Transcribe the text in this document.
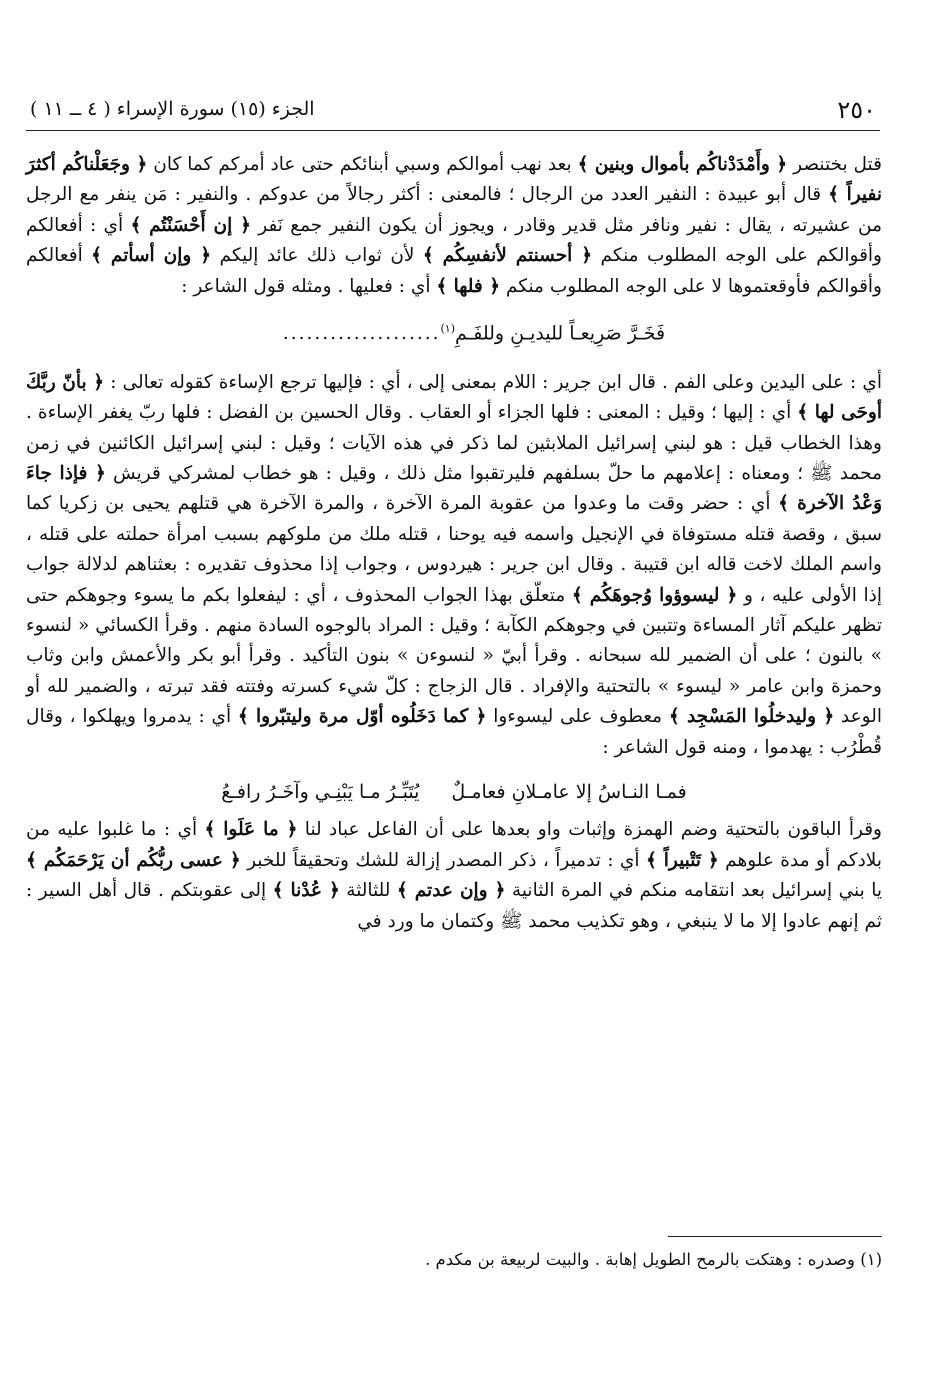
٢٥٠
الجزء (١٥) سورة الإسراء ( ٤ ــ ١١ )

قتل بختنصر ﴿ وأَمْدَدْناكُم بأموال وبنين ﴾ بعد نهب أموالكم وسبي أبنائكم حتى عاد أمركم كما كان ﴿ وجَعَلْناكُم أكثرَ نفيراً ﴾ قال أبو عبيدة : النفير العدد من الرجال ؛ فالمعنى : أكثر رجالاً من عدوكم . والنفير : مَن ينفر مع الرجل من عشيرته ، يقال : نفير ونافر مثل قدير وقادر ، ويجوز أن يكون النفير جمع نَفر ﴿ إن أَحْسَنْتُم ﴾ أي : أفعالكم وأقوالكم على الوجه المطلوب منكم ﴿ أحسنتم لأنفسِكُم ﴾ لأن ثواب ذلك عائد إليكم ﴿ وإن أسأتم ﴾ أفعالكم وأقوالكم فأوقعتموها لا على الوجه المطلوب منكم ﴿ فلها ﴾ أي : فعليها . ومثله قول الشاعر :

فَخَـرَّ صَرِيعـاً لليديـنِ وللفَـمِ$^{(١)}$....................

أي : على اليدين وعلى الفم . قال ابن جرير : اللام بمعنى إلى ، أي : فإليها ترجع الإساءة كقوله تعالى : ﴿ بأنّ ربَّكَ أوحَى لها ﴾ أي : إليها ؛ وقيل : المعنى : فلها الجزاء أو العقاب . وقال الحسين بن الفضل : فلها ربّ يغفر الإساءة . وهذا الخطاب قيل : هو لبني إسرائيل الملابثين لما ذكر في هذه الآيات ؛ وقيل : لبني إسرائيل الكائنين في زمن محمد ﷺ ؛ ومعناه : إعلامهم ما حلّ بسلفهم فليرتقبوا مثل ذلك ، وقيل : هو خطاب لمشركي قريش ﴿ فإذا جاءَ وَعْدُ الآخرة ﴾ أي : حضر وقت ما وعدوا من عقوبة المرة الآخرة ، والمرة الآخرة هي قتلهم يحيى بن زكريا كما سبق ، وقصة قتله مستوفاة في الإنجيل واسمه فيه يوحنا ، قتله ملك من ملوكهم بسبب امرأة حملته على قتله ، واسم الملك لاخت قاله ابن قتيبة . وقال ابن جرير : هيردوس ، وجواب إذا محذوف تقديره : بعثناهم لدلالة جواب إذا الأولى عليه ، و ﴿ ليسوؤوا وُجوهَكُم ﴾ متعلّق بهذا الجواب المحذوف ، أي : ليفعلوا بكم ما يسوء وجوهكم حتى تظهر عليكم آثار المساءة وتتبين في وجوهكم الكآبة ؛ وقيل : المراد بالوجوه السادة منهم . وقرأ الكسائي « لنسوء » بالنون ؛ على أن الضمير لله سبحانه . وقرأ أبيّ « لنسوءن » بنون التأكيد . وقرأ أبو بكر والأعمش وابن وثاب وحمزة وابن عامر « ليسوء » بالتحتية والإفراد . قال الزجاج : كلّ شيء كسرته وفتته فقد تبرته ، والضمير لله أو الوعد ﴿ وليدخلُوا المَسْجِد ﴾ معطوف على ليسوءوا ﴿ كما دَخَلُوه أوّل مرة وليتبّروا ﴾ أي : يدمروا ويهلكوا ، وقال قُطْرُب : يهدموا ، ومنه قول الشاعر :

فمـا النـاسُ إلا عامـلانِ فعامـلٌيُتَبِّـرُ مـا يَبْنِـي وآخَـرُ رافـعُ

وقرأ الباقون بالتحتية وضم الهمزة وإثبات واو بعدها على أن الفاعل عباد لنا ﴿ ما عَلَوا ﴾ أي : ما غلبوا عليه من بلادكم أو مدة علوهم ﴿ تَتْبيراً ﴾ أي : تدميراً ، ذكر المصدر إزالة للشك وتحقيقاً للخبر ﴿ عسى ربُّكُم أن يَرْحَمَكُم ﴾ يا بني إسرائيل بعد انتقامه منكم في المرة الثانية ﴿ وإن عدتم ﴾ للثالثة ﴿ عُدْنا ﴾ إلى عقوبتكم . قال أهل السير : ثم إنهم عادوا إلا ما لا ينبغي ، وهو تكذيب محمد ﷺ وكتمان ما ورد في

(١) وصدره : وهتكت بالرمح الطويل إهابة . والبيت لربيعة بن مكدم .
